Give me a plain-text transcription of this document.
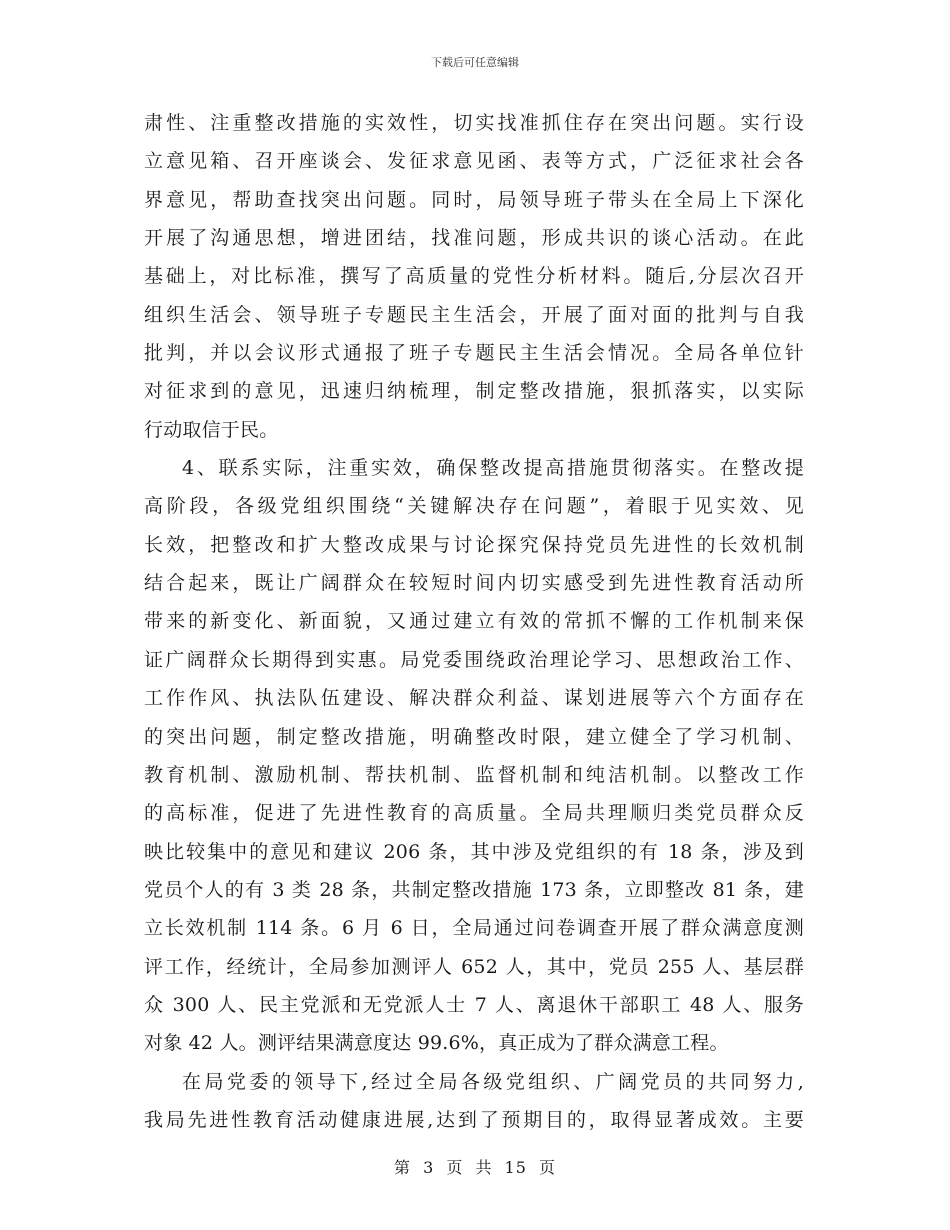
下载后可任意编辑
肃性、注重整改措施的实效性，切实找准抓住存在突出问题。实行设
立意见箱、召开座谈会、发征求意见函、表等方式，广泛征求社会各
界意见，帮助查找突出问题。同时，局领导班子带头在全局上下深化
开展了沟通思想，增进团结，找准问题，形成共识的谈心活动。在此
基础上，对比标准，撰写了高质量的党性分析材料。随后,分层次召开
组织生活会、领导班子专题民主生活会，开展了面对面的批判与自我
批判，并以会议形式通报了班子专题民主生活会情况。全局各单位针
对征求到的意见，迅速归纳梳理，制定整改措施，狠抓落实，以实际
行动取信于民。
4、联系实际，注重实效，确保整改提高措施贯彻落实。在整改提
高阶段，各级党组织围绕“关键解决存在问题”，着眼于见实效、见
长效，把整改和扩大整改成果与讨论探究保持党员先进性的长效机制
结合起来，既让广阔群众在较短时间内切实感受到先进性教育活动所
带来的新变化、新面貌，又通过建立有效的常抓不懈的工作机制来保
证广阔群众长期得到实惠。局党委围绕政治理论学习、思想政治工作、
工作作风、执法队伍建设、解决群众利益、谋划进展等六个方面存在
的突出问题，制定整改措施，明确整改时限，建立健全了学习机制、
教育机制、激励机制、帮扶机制、监督机制和纯洁机制。以整改工作
的高标准，促进了先进性教育的高质量。全局共理顺归类党员群众反
映比较集中的意见和建议 206 条，其中涉及党组织的有 18 条，涉及到
党员个人的有 3 类 28 条，共制定整改措施 173 条，立即整改 81 条，建
立长效机制 114 条。6 月 6 日，全局通过问卷调查开展了群众满意度测
评工作，经统计，全局参加测评人 652 人，其中，党员 255 人、基层群
众 300 人、民主党派和无党派人士 7 人、离退休干部职工 48 人、服务
对象 42 人。测评结果满意度达 99.6%，真正成为了群众满意工程。
在局党委的领导下,经过全局各级党组织、广阔党员的共同努力,
我局先进性教育活动健康进展,达到了预期目的，取得显著成效。主要
第 3 页 共 15 页
